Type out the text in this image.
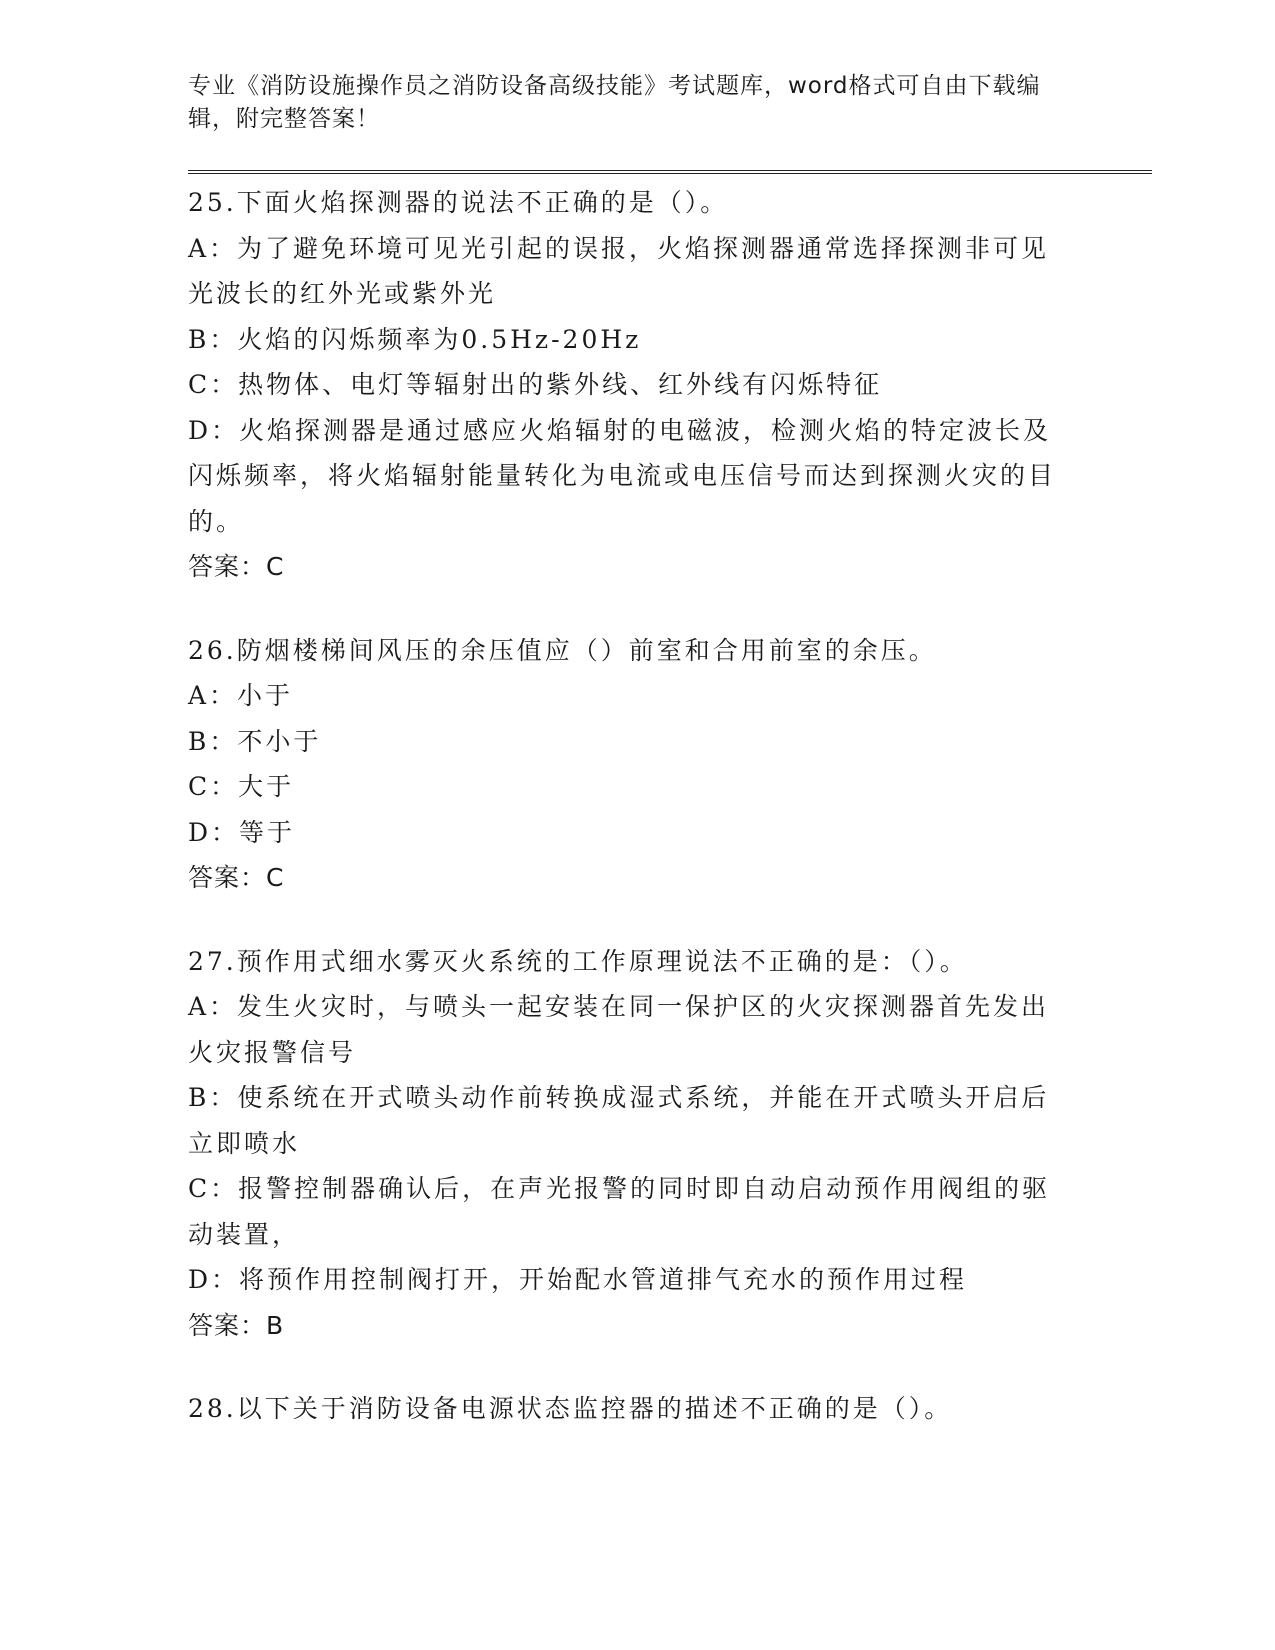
专业《消防设施操作员之消防设备高级技能》考试题库，word格式可自由下载编辑，附完整答案！

25.下面火焰探测器的说法不正确的是（）。

A：为了避免环境可见光引起的误报，火焰探测器通常选择探测非可见光波长的红外光或紫外光

B：火焰的闪烁频率为0.5Hz-20Hz

C：热物体、电灯等辐射出的紫外线、红外线有闪烁特征

D：火焰探测器是通过感应火焰辐射的电磁波，检测火焰的特定波长及闪烁频率，将火焰辐射能量转化为电流或电压信号而达到探测火灾的目的。

答案：C

26.防烟楼梯间风压的余压值应（）前室和合用前室的余压。

A：小于

B：不小于

C：大于

D：等于

答案：C

27.预作用式细水雾灭火系统的工作原理说法不正确的是：（）。

A：发生火灾时，与喷头一起安装在同一保护区的火灾探测器首先发出火灾报警信号

B：使系统在开式喷头动作前转换成湿式系统，并能在开式喷头开启后立即喷水

C：报警控制器确认后，在声光报警的同时即自动启动预作用阀组的驱动装置，

D：将预作用控制阀打开，开始配水管道排气充水的预作用过程

答案：B

28.以下关于消防设备电源状态监控器的描述不正确的是（）。
